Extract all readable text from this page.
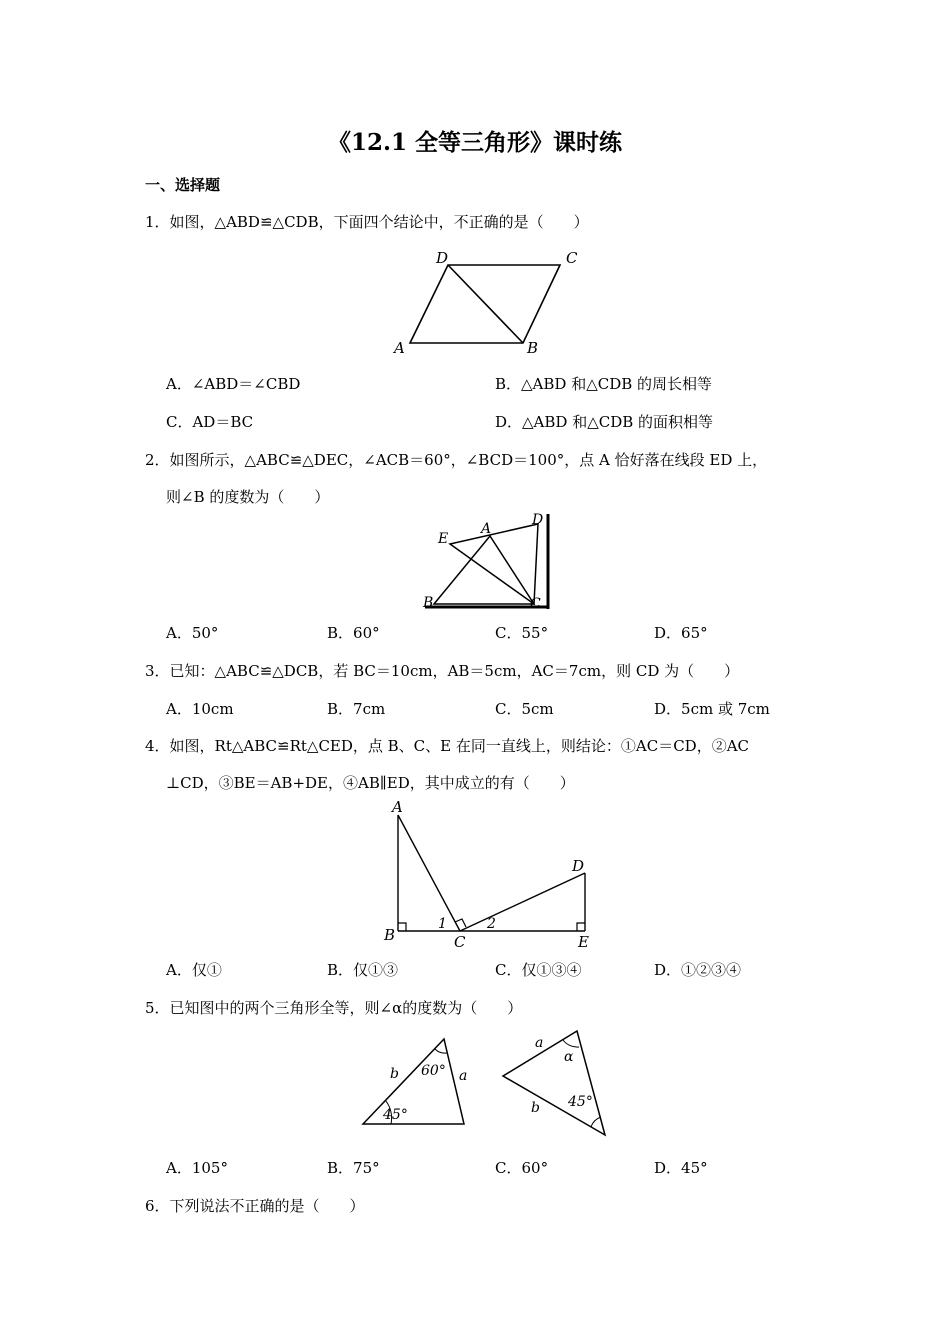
《12.1 全等三角形》课时练
一、选择题
1．如图，△ABD≌△CDB，下面四个结论中，不正确的是（　　）
D	C
A	B
A．∠ABD＝∠CBD	B．△ABD 和△CDB 的周长相等
C．AD＝BC	D．△ABD 和△CDB 的面积相等
2．如图所示，△ABC≌△DEC，∠ACB＝60°，∠BCD＝100°，点 A 恰好落在线段 ED 上，
则∠B 的度数为（　　）
E
A
D
B	C
A．50°	B．60°	C．55°	D．65°
3．已知：△ABC≌△DCB，若 BC＝10cm，AB＝5cm，AC＝7cm，则 CD 为（　　）
A．10cm	B．7cm	C．5cm	D．5cm 或 7cm
4．如图，Rt△ABC≌Rt△CED，点 B、C、E 在同一直线上，则结论：①AC＝CD，②AC
⊥CD，③BE＝AB+DE，④AB∥ED，其中成立的有（　　）
A
D
B
1
C
2
E
A．仅①	B．仅①③	C．仅①③④	D．①②③④
5．已知图中的两个三角形全等，则∠α的度数为（　　）
b 60° a
45°
a
α
b 45°
A．105°	B．75°	C．60°	D．45°
6．下列说法不正确的是（　　）
